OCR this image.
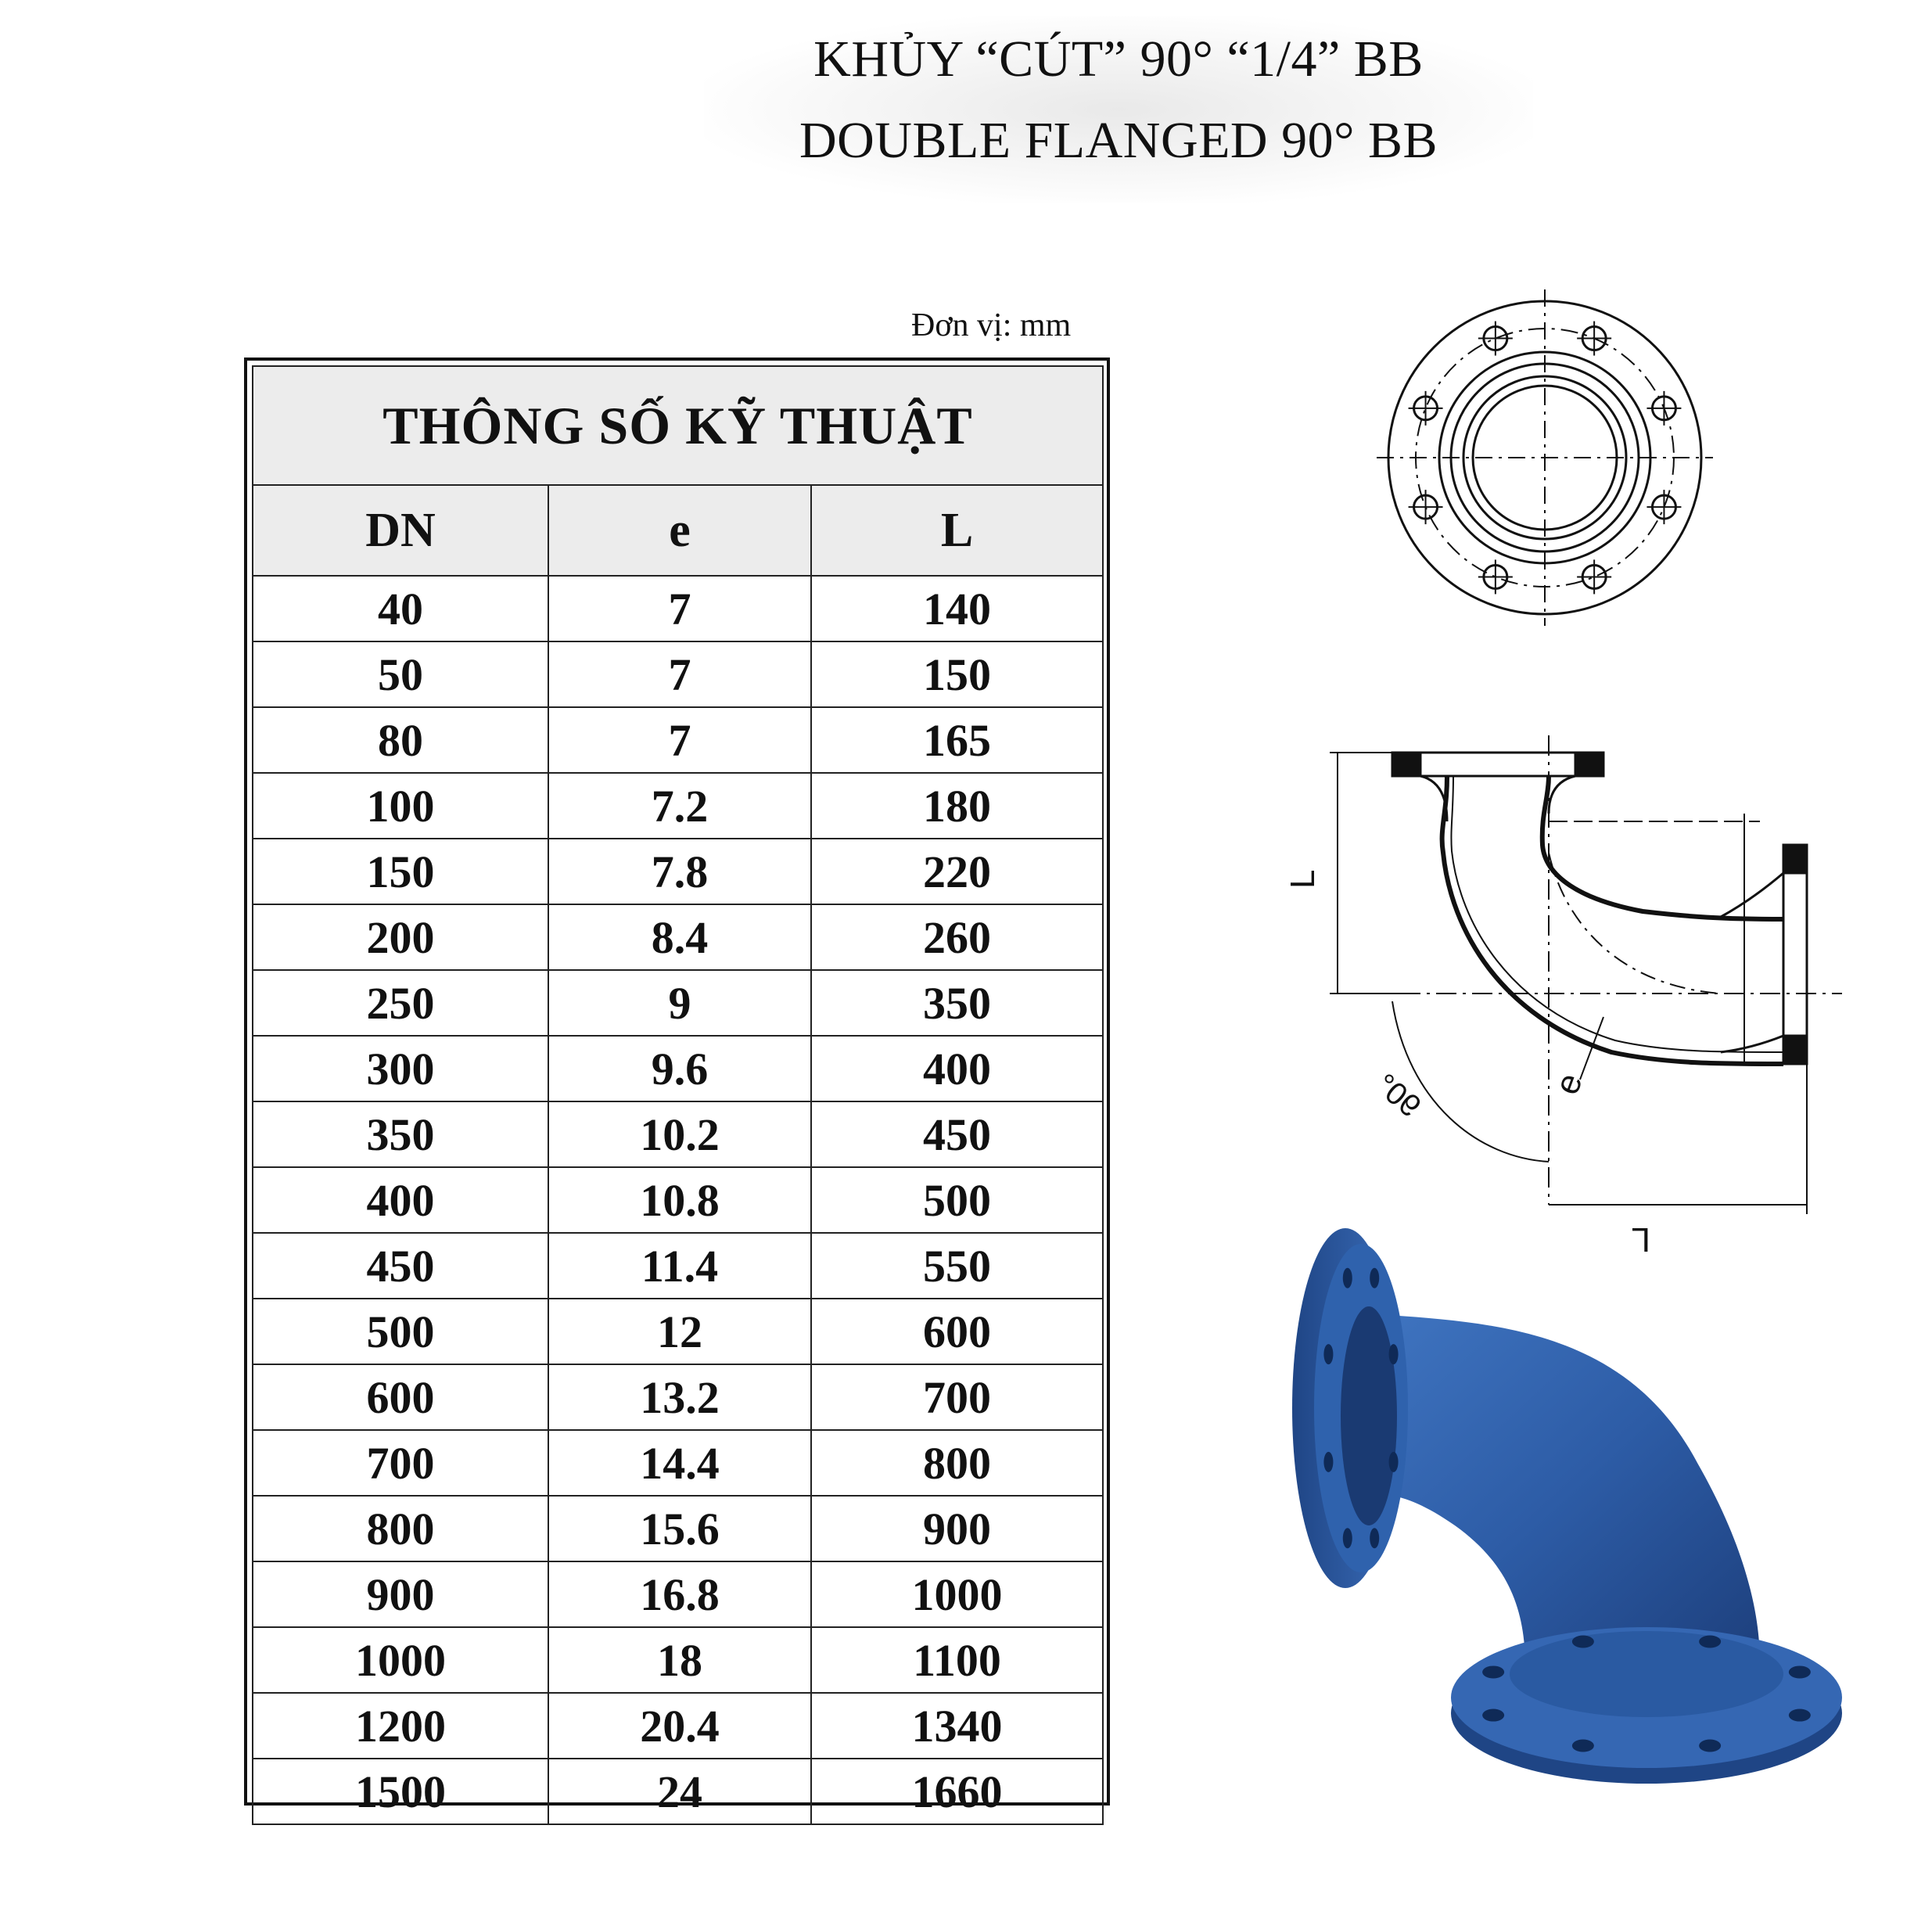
KHỦY “CÚT” 90° “1/4” BB
DOUBLE FLANGED 90° BB
Đơn vị: mm
THÔNG SỐ KỸ THUẬT		
DN	e	L
40	7	140
50	7	150
80	7	165
100	7.2	180
150	7.8	220
200	8.4	260
250	9	350
300	9.6	400
350	10.2	450
400	10.8	500
450	11.4	550
500	12	600
600	13.2	700
700	14.4	800
800	15.6	900
900	16.8	1000
1000	18	1100
1200	20.4	1340
1500	24	1660
L
L
e
90°
